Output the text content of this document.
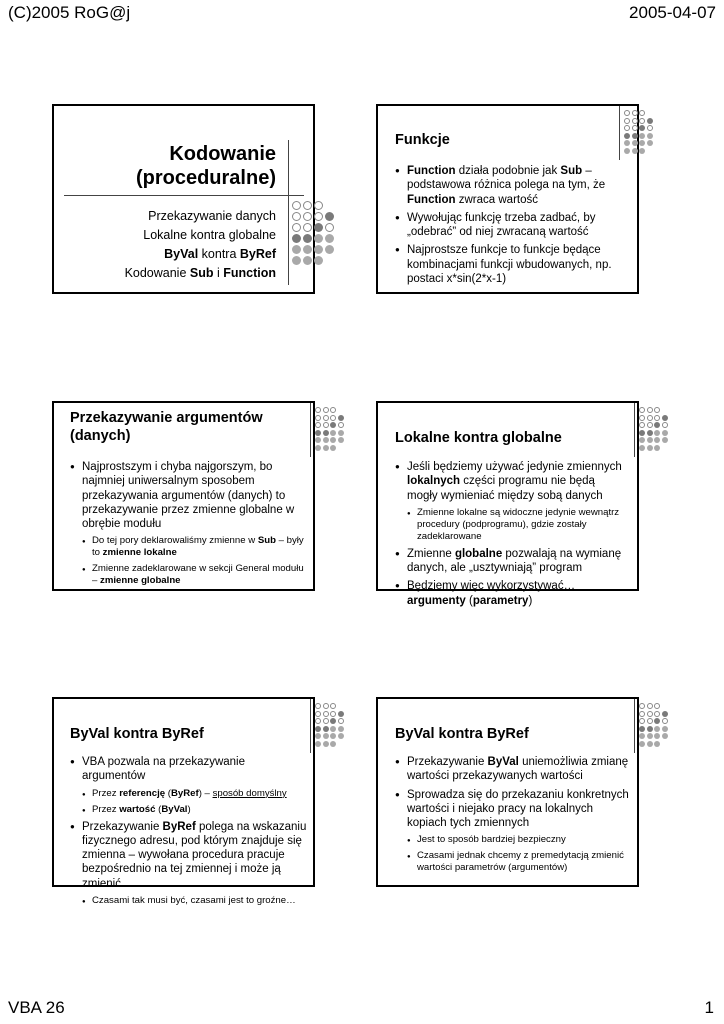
(C)2005 RoG@j	2005-04-07
Kodowanie
(proceduralne)
Przekazywanie danych
Lokalne kontra globalne
ByVal kontra ByRef
Kodowanie Sub i Function
Funkcje

● Function działa podobnie jak Sub – podstawowa różnica polega na tym, że Function zwraca wartość

● Wywołując funkcję trzeba zadbać, by „odebrać” od niej zwracaną wartość

● Najprostsze funkcje to funkcje będące kombinacjami funkcji wbudowanych, np. postaci x*sin(2*x-1)

Przekazywanie argumentów
(danych)

● Najprostszym i chyba najgorszym, bo najmniej uniwersalnym sposobem przekazywania argumentów (danych) to przekazywanie przez zmienne globalne w obrębie modułu

● Do tej pory deklarowaliśmy zmienne w Sub – były to zmienne lokalne

● Zmienne zadeklarowane w sekcji General modułu – zmienne globalne

Lokalne kontra globalne

● Jeśli będziemy używać jedynie zmiennych lokalnych części programu nie będą mogły wymieniać między sobą danych

● Zmienne lokalne są widoczne jedynie wewnątrz procedury (podprogramu), gdzie zostały zadeklarowane

● Zmienne globalne pozwalają na wymianę danych, ale „usztywniają” program

● Będziemy więc wykorzystywać… argumenty (parametry)

ByVal kontra ByRef

● VBA pozwala na przekazywanie argumentów

● Przez referencję (ByRef) – sposób domyślny

● Przez wartość (ByVal)

● Przekazywanie ByRef polega na wskazaniu fizycznego adresu, pod którym znajduje się zmienna – wywołana procedura pracuje bezpośrednio na tej zmiennej i może ją zmienić

● Czasami tak musi być, czasami jest to groźne…

ByVal kontra ByRef

● Przekazywanie ByVal uniemożliwia zmianę wartości przekazywanych wartości

● Sprowadza się do przekazaniu konkretnych wartości i niejako pracy na lokalnych kopiach tych zmiennych

● Jest to sposób bardziej bezpieczny

● Czasami jednak chcemy z premedytacją zmienić wartości parametrów (argumentów)

VBA 26	1
